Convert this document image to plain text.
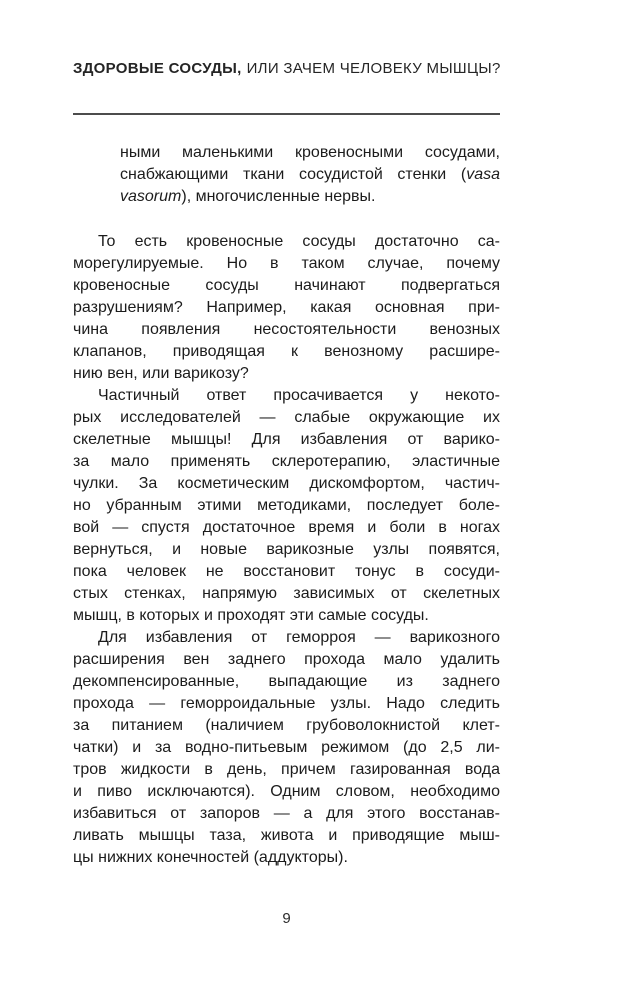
ЗДОРОВЫЕ СОСУДЫ, ИЛИ ЗАЧЕМ ЧЕЛОВЕКУ МЫШЦЫ?
ными маленькими кровеносными сосудами,
снабжающими ткани сосудистой стенки (vasa
vasorum), многочисленные нервы.
То есть кровеносные сосуды достаточно са-
морегулируемые. Но в таком случае, почему
кровеносные сосуды начинают подвергаться
разрушениям? Например, какая основная при-
чина появления несостоятельности венозных
клапанов, приводящая к венозному расшире-
нию вен, или варикозу?
Частичный ответ просачивается у некото-
рых исследователей — слабые окружающие их
скелетные мышцы! Для избавления от варико-
за мало применять склеротерапию, эластичные
чулки. За косметическим дискомфортом, частич-
но убранным этими методиками, последует боле-
вой — спустя достаточное время и боли в ногах
вернуться, и новые варикозные узлы появятся,
пока человек не восстановит тонус в сосуди-
стых стенках, напрямую зависимых от скелетных
мышц, в которых и проходят эти самые сосуды.
Для избавления от геморроя — варикозного
расширения вен заднего прохода мало удалить
декомпенсированные, выпадающие из заднего
прохода — геморроидальные узлы. Надо следить
за питанием (наличием грубоволокнистой клет-
чатки) и за водно-питьевым режимом (до 2,5 ли-
тров жидкости в день, причем газированная вода
и пиво исключаются). Одним словом, необходимо
избавиться от запоров — а для этого восстанав-
ливать мышцы таза, живота и приводящие мыш-
цы нижних конечностей (аддукторы).
9
